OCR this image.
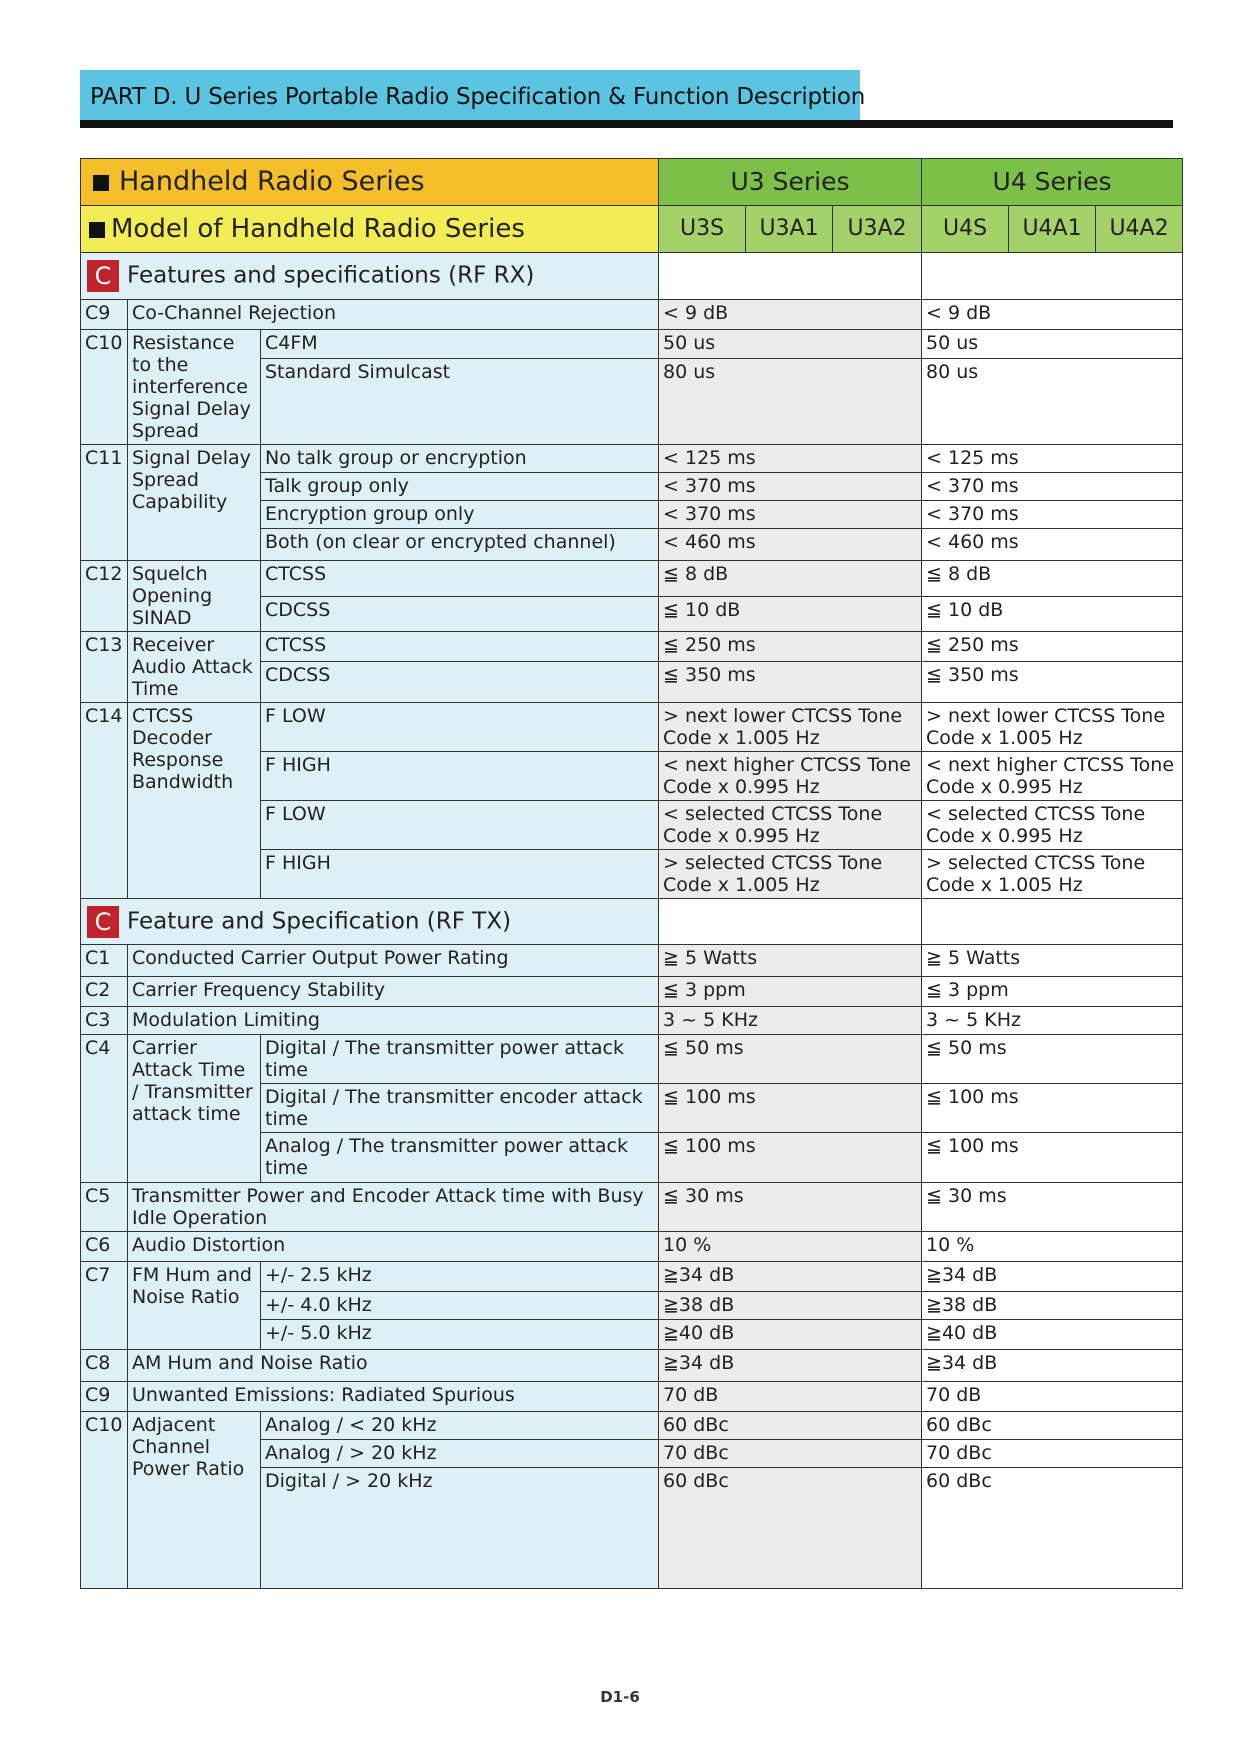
PART D. U Series Portable Radio Specification & Function Description
Handheld Radio Series			U3 Series			U4 Series		
Model of Handheld Radio Series			U3S	U3A1	U3A2	U4S	U4A1	U4A2
C Features and specifications (RF RX)								
C9	Co-Channel Rejection		< 9 dB			< 9 dB		
C10	Resistance to the interference Signal Delay Spread	C4FM	50 us			50 us		
		Standard Simulcast	80 us			80 us		
C11	Signal Delay Spread Capability	No talk group or encryption	< 125 ms			< 125 ms		
		Talk group only	< 370 ms			< 370 ms		
		Encryption group only	< 370 ms			< 370 ms		
		Both (on clear or encrypted channel)	< 460 ms			< 460 ms		
C12	Squelch Opening SINAD	CTCSS	≦ 8 dB			≦ 8 dB		
		CDCSS	≦ 10 dB			≦ 10 dB		
C13	Receiver Audio Attack Time	CTCSS	≦ 250 ms			≦ 250 ms		
		CDCSS	≦ 350 ms			≦ 350 ms		
C14	CTCSS Decoder Response Bandwidth	F LOW	> next lower CTCSS Tone Code x 1.005 Hz			> next lower CTCSS Tone Code x 1.005 Hz		
		F HIGH	< next higher CTCSS Tone Code x 0.995 Hz			< next higher CTCSS Tone Code x 0.995 Hz		
		F LOW	< selected CTCSS Tone Code x 0.995 Hz			< selected CTCSS Tone Code x 0.995 Hz		
		F HIGH	> selected CTCSS Tone Code x 1.005 Hz			> selected CTCSS Tone Code x 1.005 Hz		
C Feature and Specification (RF TX)								
C1	Conducted Carrier Output Power Rating		≧ 5 Watts			≧ 5 Watts		
C2	Carrier Frequency Stability		≦ 3 ppm			≦ 3 ppm		
C3	Modulation Limiting		3 ~ 5 KHz			3 ~ 5 KHz		
C4	Carrier Attack Time / Transmitter attack time	Digital / The transmitter power attack time	≦ 50 ms			≦ 50 ms		
		Digital / The transmitter encoder attack time	≦ 100 ms			≦ 100 ms		
		Analog / The transmitter power attack time	≦ 100 ms			≦ 100 ms		
C5	Transmitter Power and Encoder Attack time with Busy Idle Operation		≦ 30 ms			≦ 30 ms		
C6	Audio Distortion		10 %			10 %		
C7	FM Hum and Noise Ratio	+/- 2.5 kHz	≧34 dB			≧34 dB		
		+/- 4.0 kHz	≧38 dB			≧38 dB		
		+/- 5.0 kHz	≧40 dB			≧40 dB		
C8	AM Hum and Noise Ratio		≧34 dB			≧34 dB		
C9	Unwanted Emissions: Radiated Spurious		70 dB			70 dB		
C10	Adjacent Channel Power Ratio	Analog / < 20 kHz	60 dBc			60 dBc		
		Analog / > 20 kHz	70 dBc			70 dBc		
		Digital / > 20 kHz	60 dBc			60 dBc		
D1-6
